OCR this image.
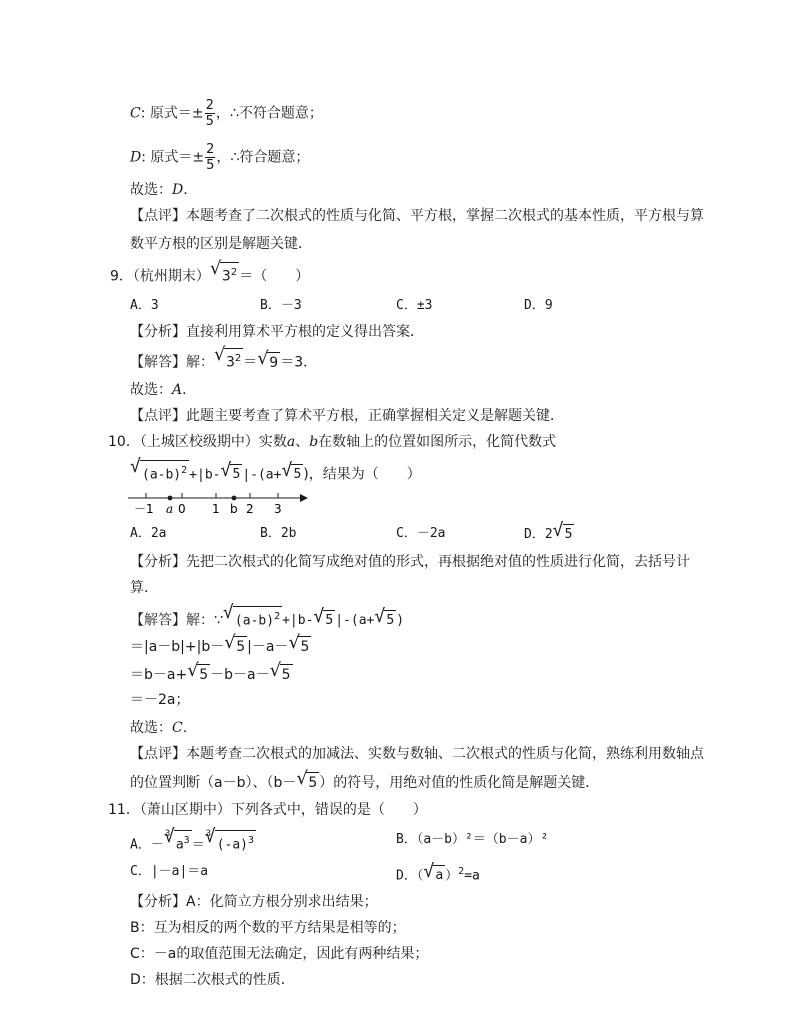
C: 原式＝± $\frac{2}{5}$ ，∴不符合题意；
D: 原式＝± $\frac{2}{5}$ ，∴符合题意；
故选：D.
【点评】本题考查了二次根式的性质与化简、平方根，掌握二次根式的基本性质，平方根与算
数平方根的区别是解题关键．
9．（杭州期末）√ $3^2$ ＝（　　）
A．3	B．－3	C．±3	D．9
【分析】直接利用算术平方根的定义得出答案．
【解答】解：√ $3^2$ ＝√ 9 ＝3．
故选：A.
【点评】此题主要考查了算术平方根，正确掌握相关定义是解题关键．
10．（上城区校级期中）实数a、b在数轴上的位置如图所示，化简代数式
√ $(a-b)^2 +|b-√$ 5 |-(a+√ 5 )，结果为（　　）
－1 a 0 1 b 2 3
A．2a	B．2b	C．－2a	D．2√ 5
【分析】先把二次根式的化简写成绝对值的形式，再根据绝对值的性质进行化简，去括号计
算．
【解答】解：∵√ $(a-b)^2 +|b-√$ 5 |-(a+√ 5 )
＝|a－b|+|b－√ 5 |－a－√ 5
＝b－a+√ 5 －b－a－√ 5
＝－2a；
故选：C.
【点评】本题考查二次根式的加减法、实数与数轴、二次根式的性质与化简，熟练利用数轴点
的位置判断（a－b）、（b－√ 5 ）的符号，用绝对值的性质化简是解题关键．
11．（萧山区期中）下列各式中，错误的是（　　）
A．－
√ 3
$a^3$ ＝
√ 3
$(-a)^3$	B．（a－b）²＝（b－a）²
C．|－a|＝a	D．（√ a ）$^2$=a
【分析】A：化简立方根分别求出结果；
B：互为相反的两个数的平方结果是相等的；
C：－a的取值范围无法确定，因此有两种结果；
D：根据二次根式的性质．
